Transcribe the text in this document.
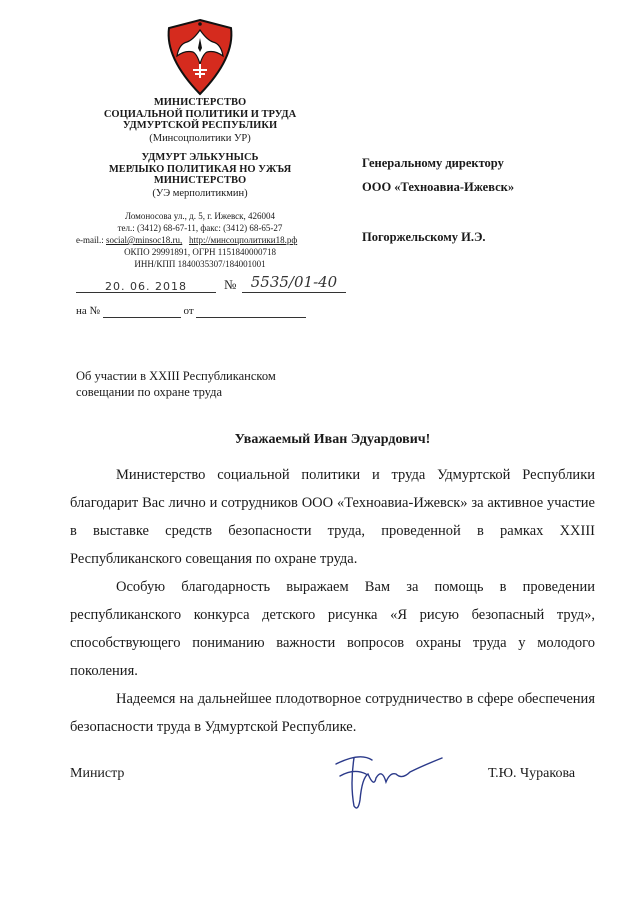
МИНИСТЕРСТВО
СОЦИАЛЬНОЙ ПОЛИТИКИ И ТРУДА
УДМУРТСКОЙ РЕСПУБЛИКИ
(Минсоцполитики УР)
УДМУРТ ЭЛЬКУНЫСЬ
МЕРЛЫКО ПОЛИТИКАЯ НО УЖЪЯ
МИНИСТЕРСТВО
(УЭ мерполитикмин)
Ломоносова ул., д. 5, г. Ижевск, 426004
тел.: (3412) 68-67-11, факс: (3412) 68-65-27
e-mail.: social@minsoc18.ru, http://минсоцполитики18.рф
ОКПО 29991891, ОГРН 1151840000718
ИНН/КПП 1840035307/184001001
20. 06. 2018	№ 5535/01-40
на №	от
Генеральному директору
ООО «Техноавиа-Ижевск»
Погоржельскому И.Э.
Об участии в XXIII Республиканском
совещании по охране труда
Уважаемый Иван Эдуардович!
Министерство социальной политики и труда Удмуртской Республики благодарит Вас лично и сотрудников ООО «Техноавиа-Ижевск» за активное участие в выставке средств безопасности труда, проведенной в рамках XXIII Республиканского совещания по охране труда.
Особую благодарность выражаем Вам за помощь в проведении республиканского конкурса детского рисунка «Я рисую безопасный труд», способствующего пониманию важности вопросов охраны труда у молодого поколения.
Надеемся на дальнейшее плодотворное сотрудничество в сфере обеспечения безопасности труда в Удмуртской Республике.
Министр	Т.Ю. Чуракова
